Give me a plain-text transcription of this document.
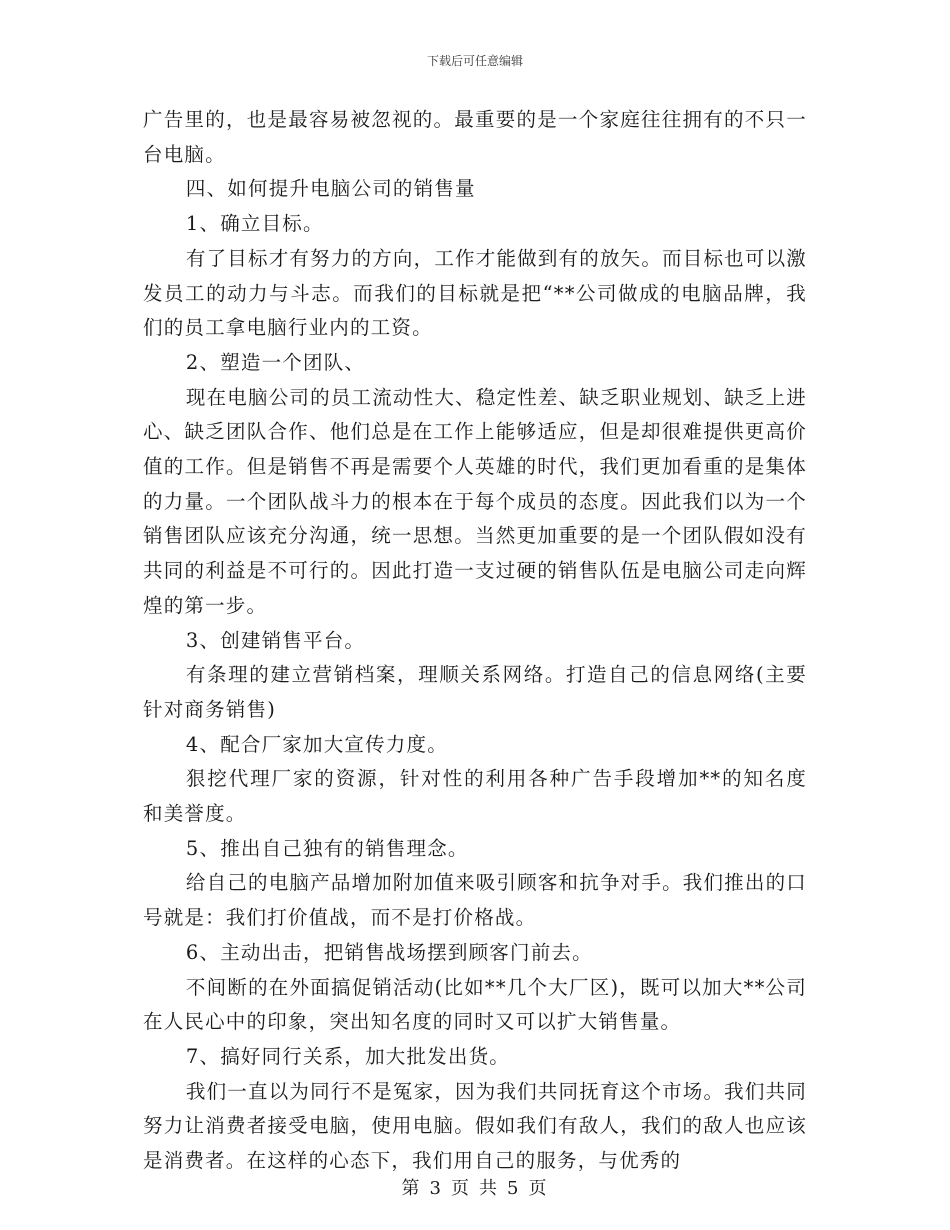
下载后可任意编辑

广告里的，也是最容易被忽视的。最重要的是一个家庭往往拥有的不只一台电脑。

四、如何提升电脑公司的销售量

1、确立目标。

有了目标才有努力的方向，工作才能做到有的放矢。而目标也可以激发员工的动力与斗志。而我们的目标就是把“**公司做成的电脑品牌，我们的员工拿电脑行业内的工资。

2、塑造一个团队、

现在电脑公司的员工流动性大、稳定性差、缺乏职业规划、缺乏上进心、缺乏团队合作、他们总是在工作上能够适应，但是却很难提供更高价值的工作。但是销售不再是需要个人英雄的时代，我们更加看重的是集体的力量。一个团队战斗力的根本在于每个成员的态度。因此我们以为一个销售团队应该充分沟通，统一思想。当然更加重要的是一个团队假如没有共同的利益是不可行的。因此打造一支过硬的销售队伍是电脑公司走向辉煌的第一步。

3、创建销售平台。

有条理的建立营销档案，理顺关系网络。打造自己的信息网络(主要针对商务销售)

4、配合厂家加大宣传力度。

狠挖代理厂家的资源，针对性的利用各种广告手段增加**的知名度和美誉度。

5、推出自己独有的销售理念。

给自己的电脑产品增加附加值来吸引顾客和抗争对手。我们推出的口号就是：我们打价值战，而不是打价格战。

6、主动出击，把销售战场摆到顾客门前去。

不间断的在外面搞促销活动(比如**几个大厂区)，既可以加大**公司在人民心中的印象，突出知名度的同时又可以扩大销售量。

7、搞好同行关系，加大批发出货。

我们一直以为同行不是冤家，因为我们共同抚育这个市场。我们共同努力让消费者接受电脑，使用电脑。假如我们有敌人，我们的敌人也应该是消费者。在这样的心态下，我们用自己的服务，与优秀的

第 3 页 共 5 页
